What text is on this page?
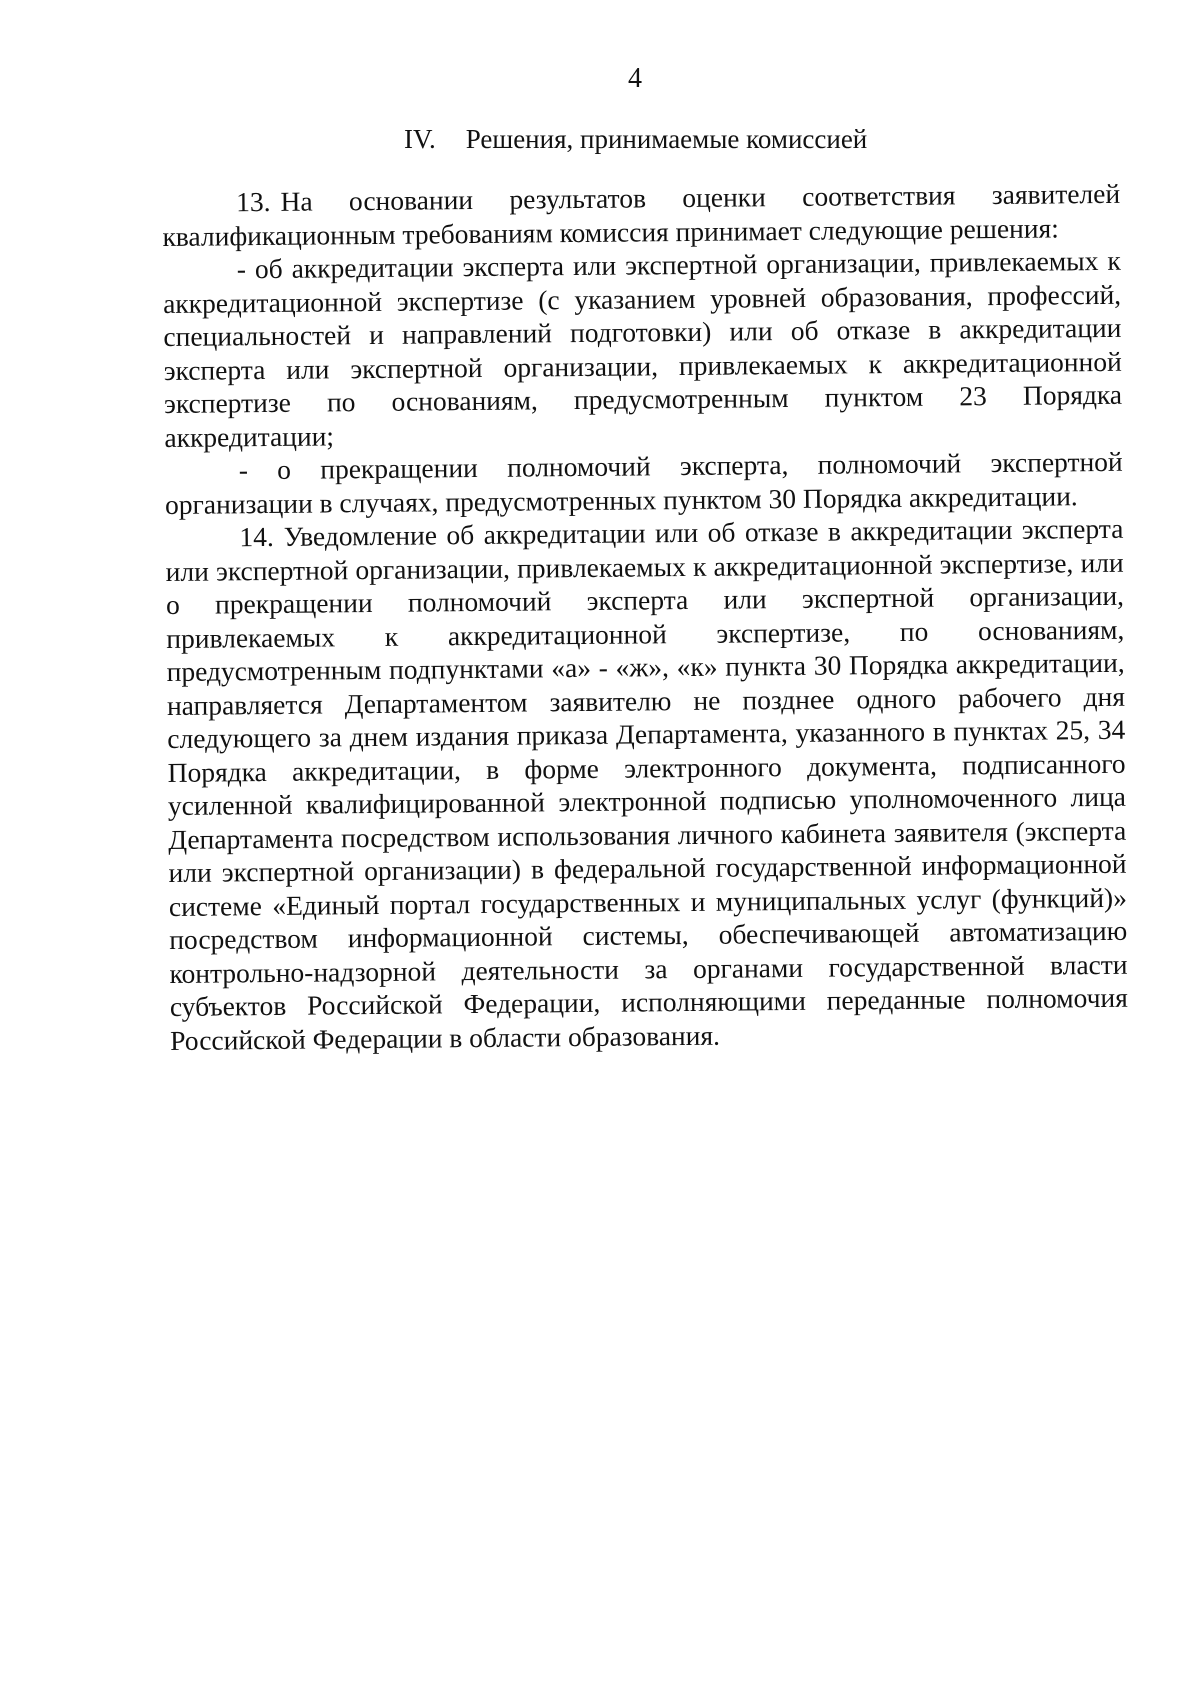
4
IV. Решения, принимаемые комиссией

13. На основании результатов оценки соответствия заявителей квалификационным требованиям комиссия принимает следующие решения:

- об аккредитации эксперта или экспертной организации, привлекаемых к аккредитационной экспертизе (с указанием уровней образования, профессий, специальностей и направлений подготовки) или об отказе в аккредитации эксперта или экспертной организации, привлекаемых к аккредитационной экспертизе по основаниям, предусмотренным пунктом 23 Порядка аккредитации;

- о прекращении полномочий эксперта, полномочий экспертной организации в случаях, предусмотренных пунктом 30 Порядка аккредитации.

14. Уведомление об аккредитации или об отказе в аккредитации эксперта или экспертной организации, привлекаемых к аккредитационной экспертизе, или о прекращении полномочий эксперта или экспертной организации, привлекаемых к аккредитационной экспертизе, по основаниям, предусмотренным подпунктами «а» - «ж», «к» пункта 30 Порядка аккредитации, направляется Департаментом заявителю не позднее одного рабочего дня следующего за днем издания приказа Департамента, указанного в пунктах 25, 34 Порядка аккредитации, в форме электронного документа, подписанного усиленной квалифицированной электронной подписью уполномоченного лица Департамента посредством использования личного кабинета заявителя (эксперта или экспертной организации) в федеральной государственной информационной системе «Единый портал государственных и муниципальных услуг (функций)» посредством информационной системы, обеспечивающей автоматизацию контрольно-надзорной деятельности за органами государственной власти субъектов Российской Федерации, исполняющими переданные полномочия Российской Федерации в области образования.
